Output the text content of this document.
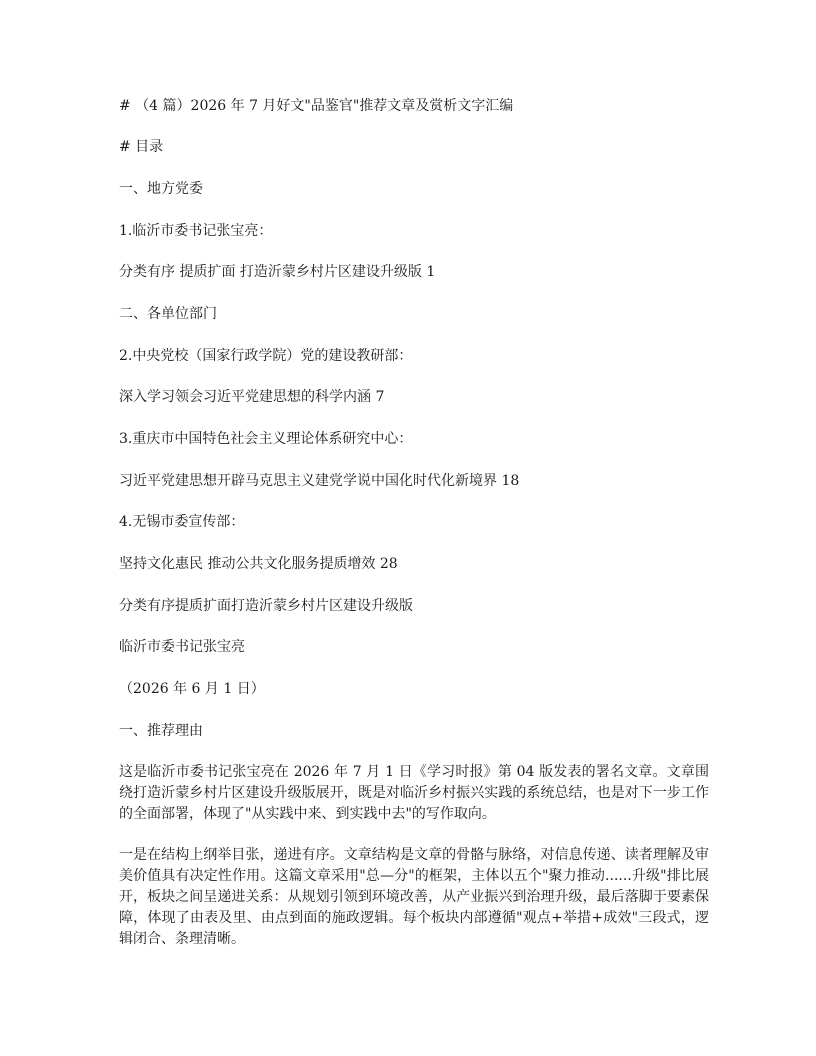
# （4 篇）2026 年 7 月好文"品鉴官"推荐文章及赏析文字汇编
# 目录
一、地方党委
1.临沂市委书记张宝亮：
分类有序 提质扩面 打造沂蒙乡村片区建设升级版 1
二、各单位部门
2.中央党校（国家行政学院）党的建设教研部：
深入学习领会习近平党建思想的科学内涵 7
3.重庆市中国特色社会主义理论体系研究中心：
习近平党建思想开辟马克思主义建党学说中国化时代化新境界 18
4.无锡市委宣传部：
坚持文化惠民 推动公共文化服务提质增效 28
分类有序提质扩面打造沂蒙乡村片区建设升级版
临沂市委书记张宝亮
（2026 年 6 月 1 日）
一、推荐理由
这是临沂市委书记张宝亮在 2026 年 7 月 1 日《学习时报》第 04 版发表的署名文章。文章围绕打造沂蒙乡村片区建设升级版展开，既是对临沂乡村振兴实践的系统总结，也是对下一步工作的全面部署，体现了"从实践中来、到实践中去"的写作取向。
一是在结构上纲举目张，递进有序。文章结构是文章的骨骼与脉络，对信息传递、读者理解及审美价值具有决定性作用。这篇文章采用"总—分"的框架，主体以五个"聚力推动......升级"排比展开，板块之间呈递进关系：从规划引领到环境改善，从产业振兴到治理升级，最后落脚于要素保障，体现了由表及里、由点到面的施政逻辑。每个板块内部遵循"观点+举措+成效"三段式，逻辑闭合、条理清晰。
